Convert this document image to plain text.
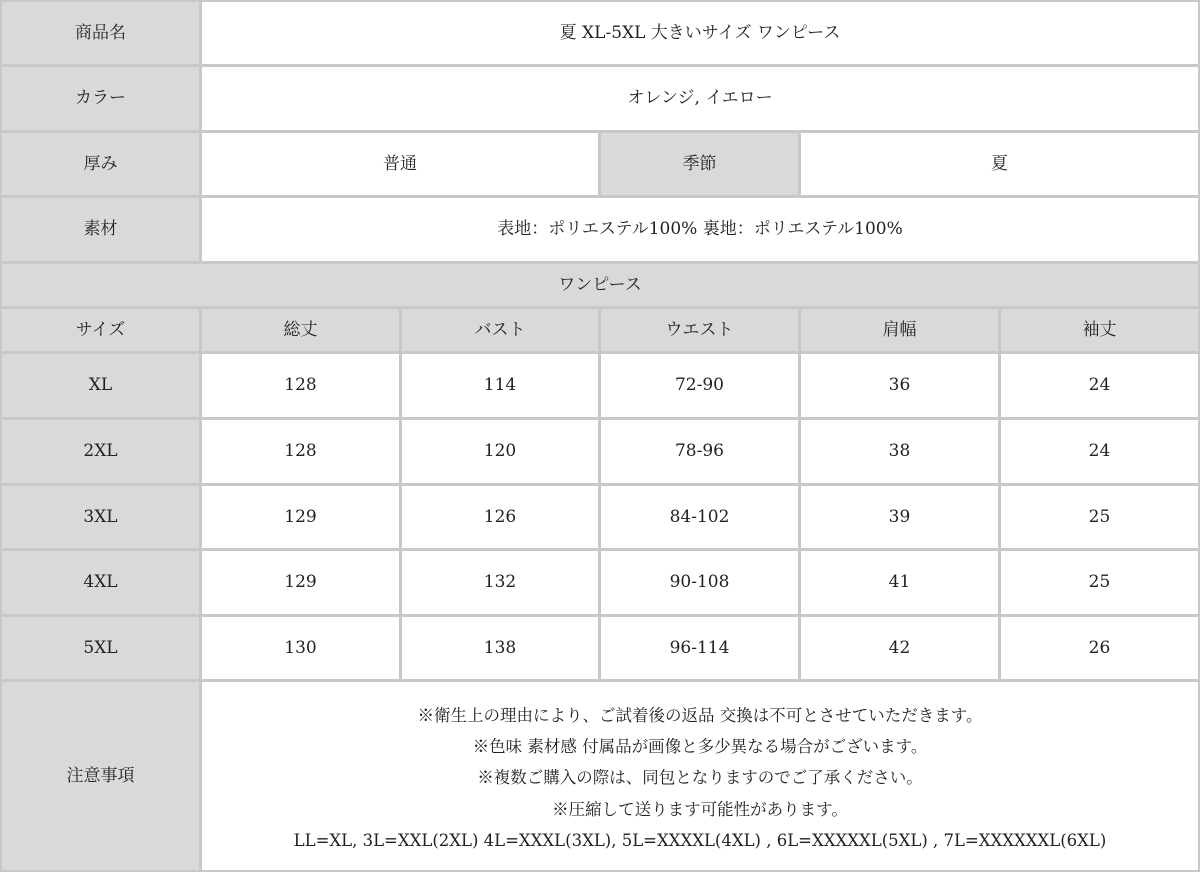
商品名	夏 XL-5XL 大きいサイズ ワンピース
カラー	オレンジ, イエロー
厚み	普通	季節	夏
素材	表地：ポリエステル100% 裏地：ポリエステル100%
ワンピース
サイズ	総丈	バスト	ウエスト	肩幅	袖丈
XL	128	114	72-90	36	24
2XL	128	120	78-96	38	24
3XL	129	126	84-102	39	25
4XL	129	132	90-108	41	25
5XL	130	138	96-114	42	26
注意事項
※衛生上の理由により、ご試着後の返品 交換は不可とさせていただきます。
※色味 素材感 付属品が画像と多少異なる場合がございます。
※複数ご購入の際は、同包となりますのでご了承ください。
※圧縮して送ります可能性があります。
LL=XL, 3L=XXL(2XL) 4L=XXXL(3XL), 5L=XXXXL(4XL) , 6L=XXXXXL(5XL) , 7L=XXXXXXL(6XL)
